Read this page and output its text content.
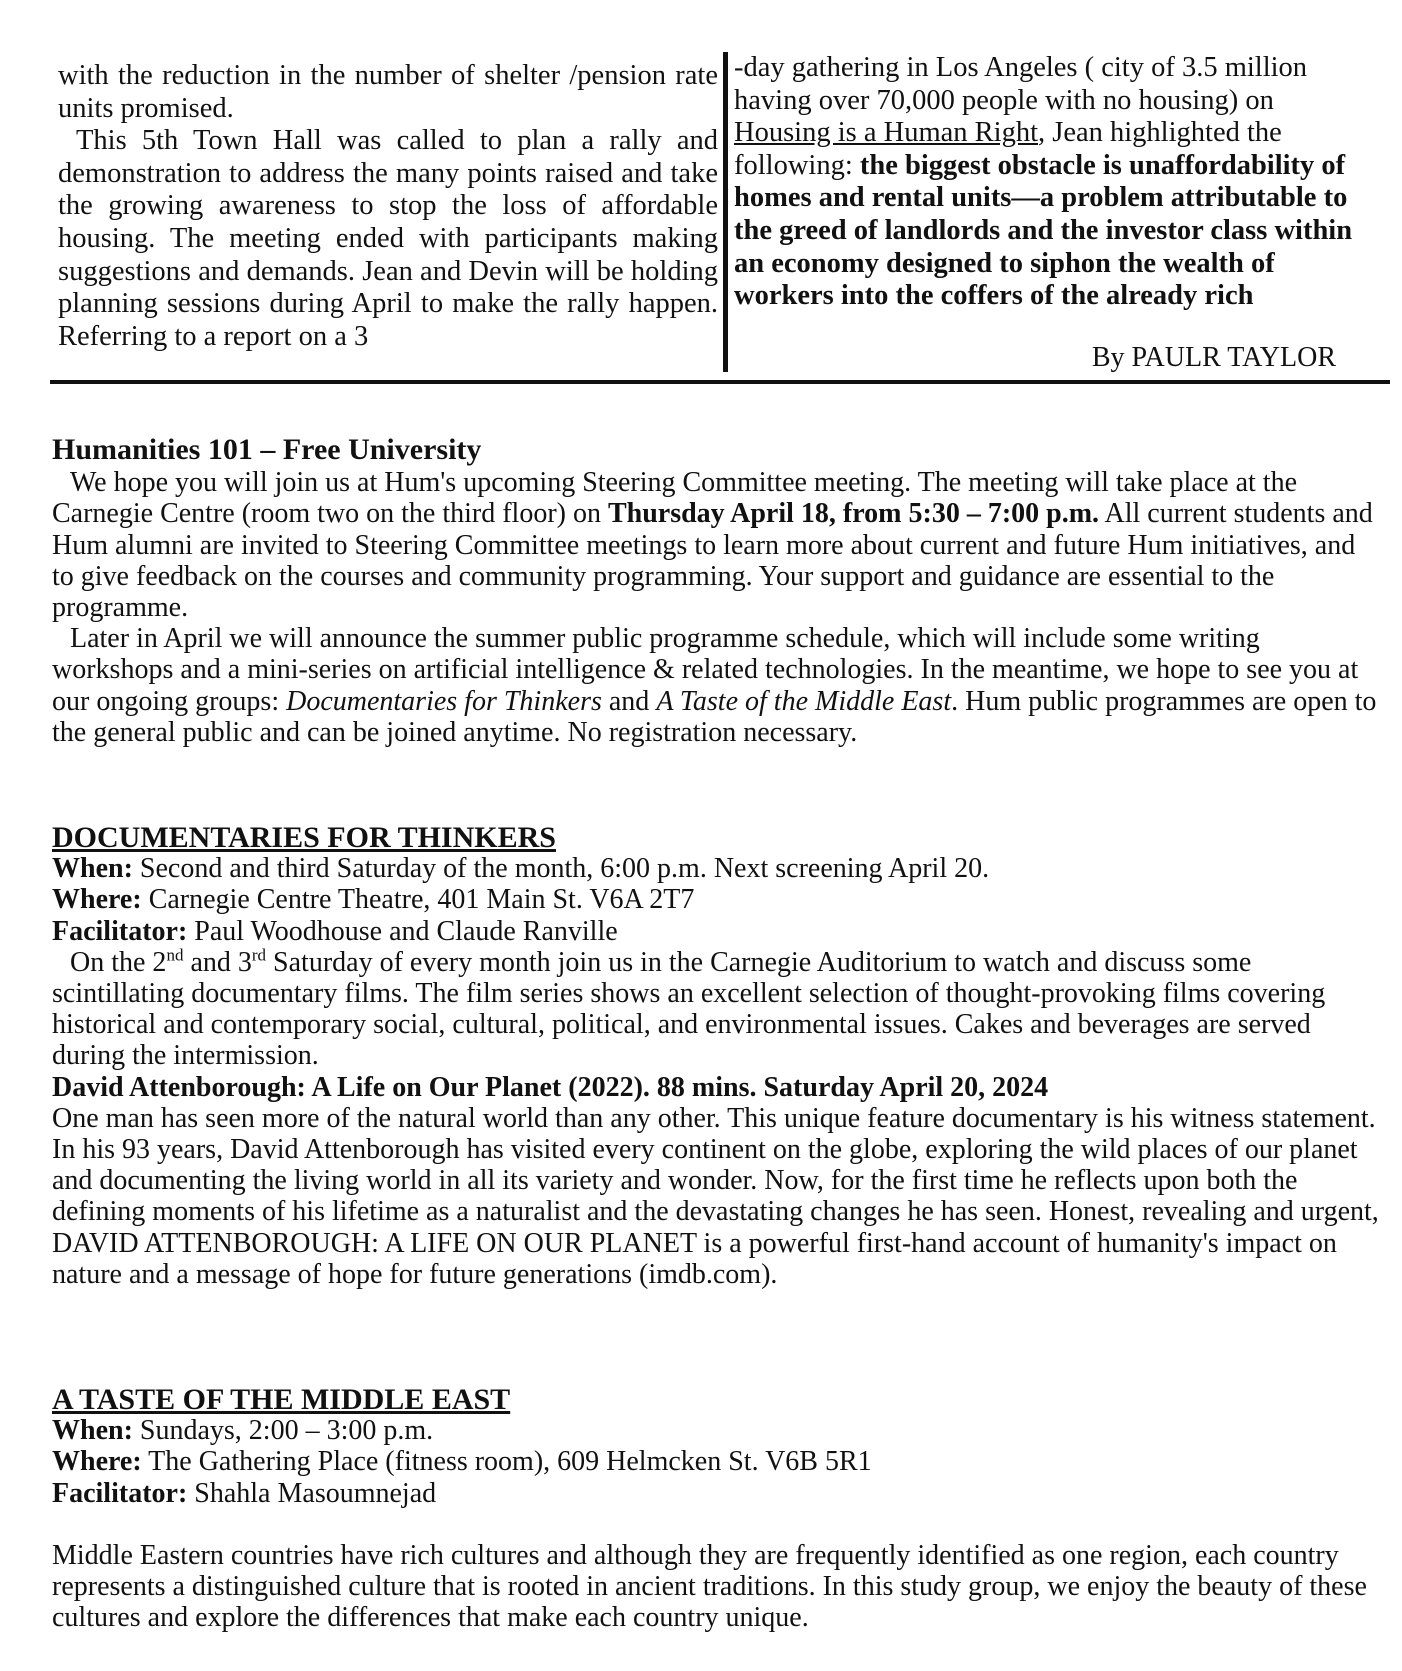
with the reduction in the number of shelter /pension rate units promised.

This 5th Town Hall was called to plan a rally and demonstration to address the many points raised and take the growing awareness to stop the loss of affordable housing. The meeting ended with participants making suggestions and demands. Jean and Devin will be holding planning sessions during April to make the rally happen. Referring to a report on a 3

-day gathering in Los Angeles ( city of 3.5 million having over 70,000 people with no housing) on Housing is a Human Right, Jean highlighted the following: the biggest obstacle is unaffordability of homes and rental units—a problem attributable to the greed of landlords and the investor class within an economy designed to siphon the wealth of workers into the coffers of the already rich

By PAULR TAYLOR

Humanities 101 – Free University

We hope you will join us at Hum's upcoming Steering Committee meeting. The meeting will take place at the Carnegie Centre (room two on the third floor) on Thursday April 18, from 5:30 – 7:00 p.m. All current students and Hum alumni are invited to Steering Committee meetings to learn more about current and future Hum initiatives, and to give feedback on the courses and community programming. Your support and guidance are essential to the programme.

Later in April we will announce the summer public programme schedule, which will include some writing workshops and a mini-series on artificial intelligence & related technologies. In the meantime, we hope to see you at our ongoing groups: Documentaries for Thinkers and A Taste of the Middle East. Hum public programmes are open to the general public and can be joined anytime. No registration necessary.

DOCUMENTARIES FOR THINKERS

When: Second and third Saturday of the month, 6:00 p.m. Next screening April 20.

Where: Carnegie Centre Theatre, 401 Main St. V6A 2T7

Facilitator: Paul Woodhouse and Claude Ranville

On the 2nd and 3rd Saturday of every month join us in the Carnegie Auditorium to watch and discuss some scintillating documentary films. The film series shows an excellent selection of thought-provoking films covering historical and contemporary social, cultural, political, and environmental issues. Cakes and beverages are served during the intermission.

David Attenborough: A Life on Our Planet (2022). 88 mins. Saturday April 20, 2024

One man has seen more of the natural world than any other. This unique feature documentary is his witness statement. In his 93 years, David Attenborough has visited every continent on the globe, exploring the wild places of our planet and documenting the living world in all its variety and wonder. Now, for the first time he reflects upon both the defining moments of his lifetime as a naturalist and the devastating changes he has seen. Honest, revealing and urgent, DAVID ATTENBOROUGH: A LIFE ON OUR PLANET is a powerful first-hand account of humanity's impact on nature and a message of hope for future generations (imdb.com).

A TASTE OF THE MIDDLE EAST

When: Sundays, 2:00 – 3:00 p.m.

Where: The Gathering Place (fitness room), 609 Helmcken St. V6B 5R1

Facilitator: Shahla Masoumnejad

Middle Eastern countries have rich cultures and although they are frequently identified as one region, each country represents a distinguished culture that is rooted in ancient traditions. In this study group, we enjoy the beauty of these cultures and explore the differences that make each country unique.
